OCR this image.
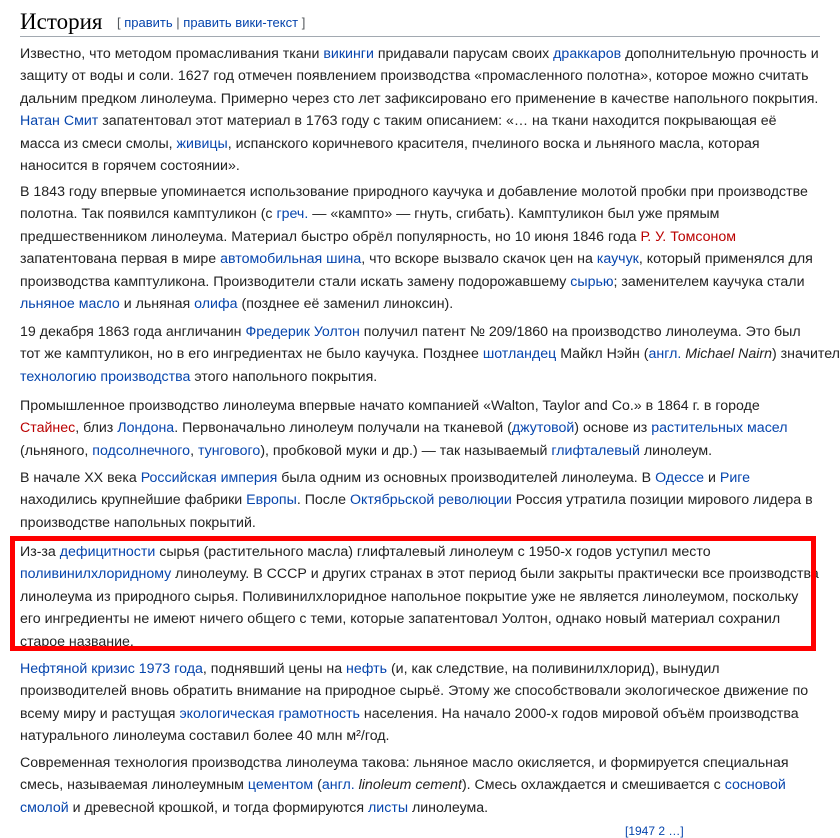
История [ править | править вики-текст ]
Известно, что методом промасливания ткани викинги придавали парусам своих драккаров дополнительную прочность и
защиту от воды и соли. 1627 год отмечен появлением производства «промасленного полотна», которое можно считать
дальним предком линолеума. Примерно через сто лет зафиксировано его применение в качестве напольного покрытия.
Натан Смит запатентовал этот материал в 1763 году с таким описанием: «… на ткани находится покрывающая её
масса из смеси смолы, живицы, испанского коричневого красителя, пчелиного воска и льняного масла, которая
наносится в горячем состоянии».
В 1843 году впервые упоминается использование природного каучука и добавление молотой пробки при производстве
полотна. Так появился камптуликон (с греч. — «кампто» — гнуть, сгибать). Камптуликон был уже прямым
предшественником линолеума. Материал быстро обрёл популярность, но 10 июня 1846 года Р. У. Томсоном
запатентована первая в мире автомобильная шина, что вскоре вызвало скачок цен на каучук, который применялся для
производства камптуликона. Производители стали искать замену подорожавшему сырью; заменителем каучука стали
льняное масло и льняная олифа (позднее её заменил линоксин).
19 декабря 1863 года англичанин Фредерик Уолтон получил патент № 209/1860 на производство линолеума. Это был
тот же камптуликон, но в его ингредиентах не было каучука. Позднее шотландец Майкл Нэйн (англ. Michael Nairn) значител
технологию производства этого напольного покрытия.
Промышленное производство линолеума впервые начато компанией «Walton, Taylor and Co.» в 1864 г. в городе
Стайнес, близ Лондона. Первоначально линолеум получали на тканевой (джутовой) основе из растительных масел
(льняного, подсолнечного, тунгового), пробковой муки и др.) — так называемый глифталевый линолеум.
В начале XX века Российская империя была одним из основных производителей линолеума. В Одессе и Риге
находились крупнейшие фабрики Европы. После Октябрьской революции Россия утратила позиции мирового лидера в
производстве напольных покрытий.
Из-за дефицитности сырья (растительного масла) глифталевый линолеум с 1950-х годов уступил место
поливинилхлоридному линолеуму. В СССР и других странах в этот период были закрыты практически все производства
линолеума из природного сырья. Поливинилхлоридное напольное покрытие уже не является линолеумом, поскольку
его ингредиенты не имеют ничего общего с теми, которые запатентовал Уолтон, однако новый материал сохранил
старое название.
Нефтяной кризис 1973 года, поднявший цены на нефть (и, как следствие, на поливинилхлорид), вынудил
производителей вновь обратить внимание на природное сырьё. Этому же способствовали экологическое движение по
всему миру и растущая экологическая грамотность населения. На начало 2000-х годов мировой объём производства
натурального линолеума составил более 40 млн м²/год.
Современная технология производства линолеума такова: льняное масло окисляется, и формируется специальная
смесь, называемая линолеумным цементом (англ. linoleum cement). Смесь охлаждается и смешивается с сосновой
смолой и древесной крошкой, и тогда формируются листы линолеума.
[1947 2 …]
